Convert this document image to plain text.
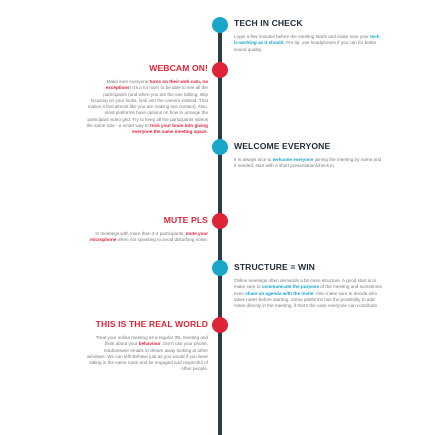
TECH IN CHECK
Login a few minutes before the meeting starts and make sure your tech is working as it should. Pro tip: use headphones if you can for better sound quality.
WEBCAM ON!
Make sure everyone turns on their web cam, no exceptions! It's a lot nicer to be able to see all the participants (and when you are the one talking, skip focusing on your looks, look into the camera instead. That makes it feel almost like you are making eye contact). Also, most platforms have options on how to arrange the participant video grid. Try to keep all the participants videos the same size - a smart way to trick your brain into giving everyone the same meeting space.
WELCOME EVERYONE
It is always nice to welcome everyone joining the meeting by name and if needed, start with a short presentation/check in.
MUTE PLS
In meetings with more than 3-4 participants, mute your microphone when not speaking to avoid disturbing noise.
STRUCTURE = WIN
Online meetings often demands a bit more structure. A good start is to make sure to communicate the purpose of the meeting and sometimes even share an agenda with the invite. Also make sure to decide who takes notes before starting. Some platforms has the possibility to add notes directly in the meeting, if that's the case everyone can contribute.
THIS IS THE REAL WORLD
Treat your online meeting as a regular IRL meeting and think about your behaviour. Don't use your phone, read/answer emails or dream away looking at other windows. We can tell! Behave just as you would if you were sitting in the same room and be engaged and respectful of other people.
